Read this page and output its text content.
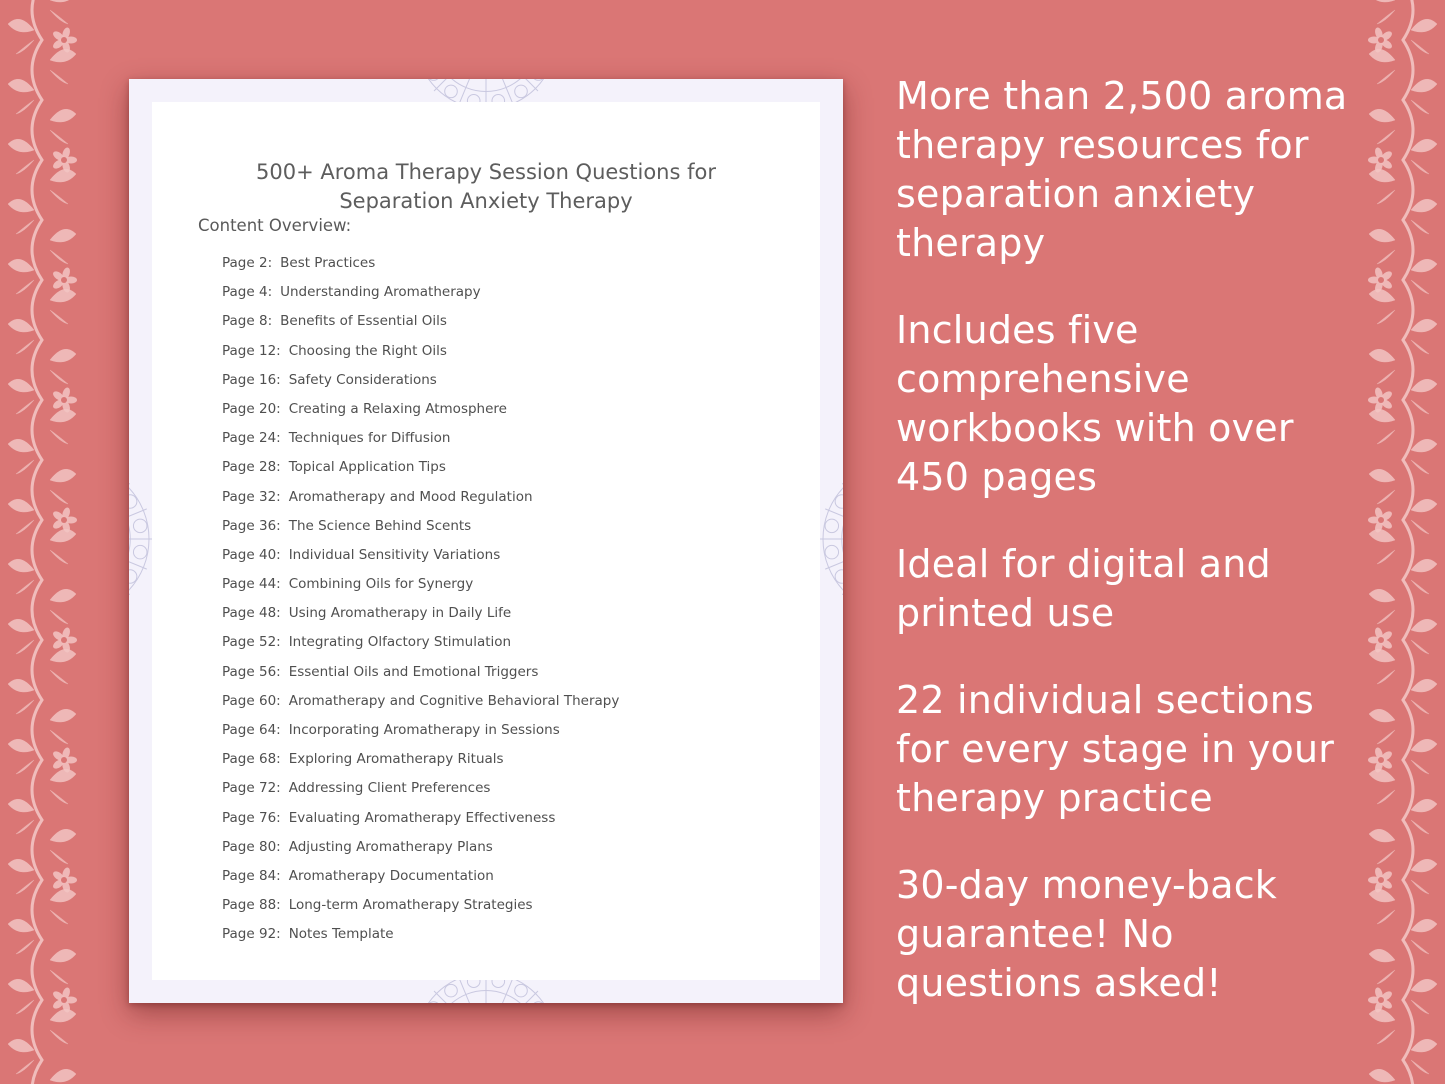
500+ Aroma Therapy Session Questions for
Separation Anxiety Therapy
Content Overview:
Page 2: Best Practices
Page 4: Understanding Aromatherapy
Page 8: Benefits of Essential Oils
Page 12: Choosing the Right Oils
Page 16: Safety Considerations
Page 20: Creating a Relaxing Atmosphere
Page 24: Techniques for Diffusion
Page 28: Topical Application Tips
Page 32: Aromatherapy and Mood Regulation
Page 36: The Science Behind Scents
Page 40: Individual Sensitivity Variations
Page 44: Combining Oils for Synergy
Page 48: Using Aromatherapy in Daily Life
Page 52: Integrating Olfactory Stimulation
Page 56: Essential Oils and Emotional Triggers
Page 60: Aromatherapy and Cognitive Behavioral Therapy
Page 64: Incorporating Aromatherapy in Sessions
Page 68: Exploring Aromatherapy Rituals
Page 72: Addressing Client Preferences
Page 76: Evaluating Aromatherapy Effectiveness
Page 80: Adjusting Aromatherapy Plans
Page 84: Aromatherapy Documentation
Page 88: Long-term Aromatherapy Strategies
Page 92: Notes Template
More than 2,500 aroma
therapy resources for
separation anxiety
therapy
Includes five
comprehensive
workbooks with over
450 pages
Ideal for digital and
printed use
22 individual sections
for every stage in your
therapy practice
30-day money-back
guarantee! No
questions asked!
